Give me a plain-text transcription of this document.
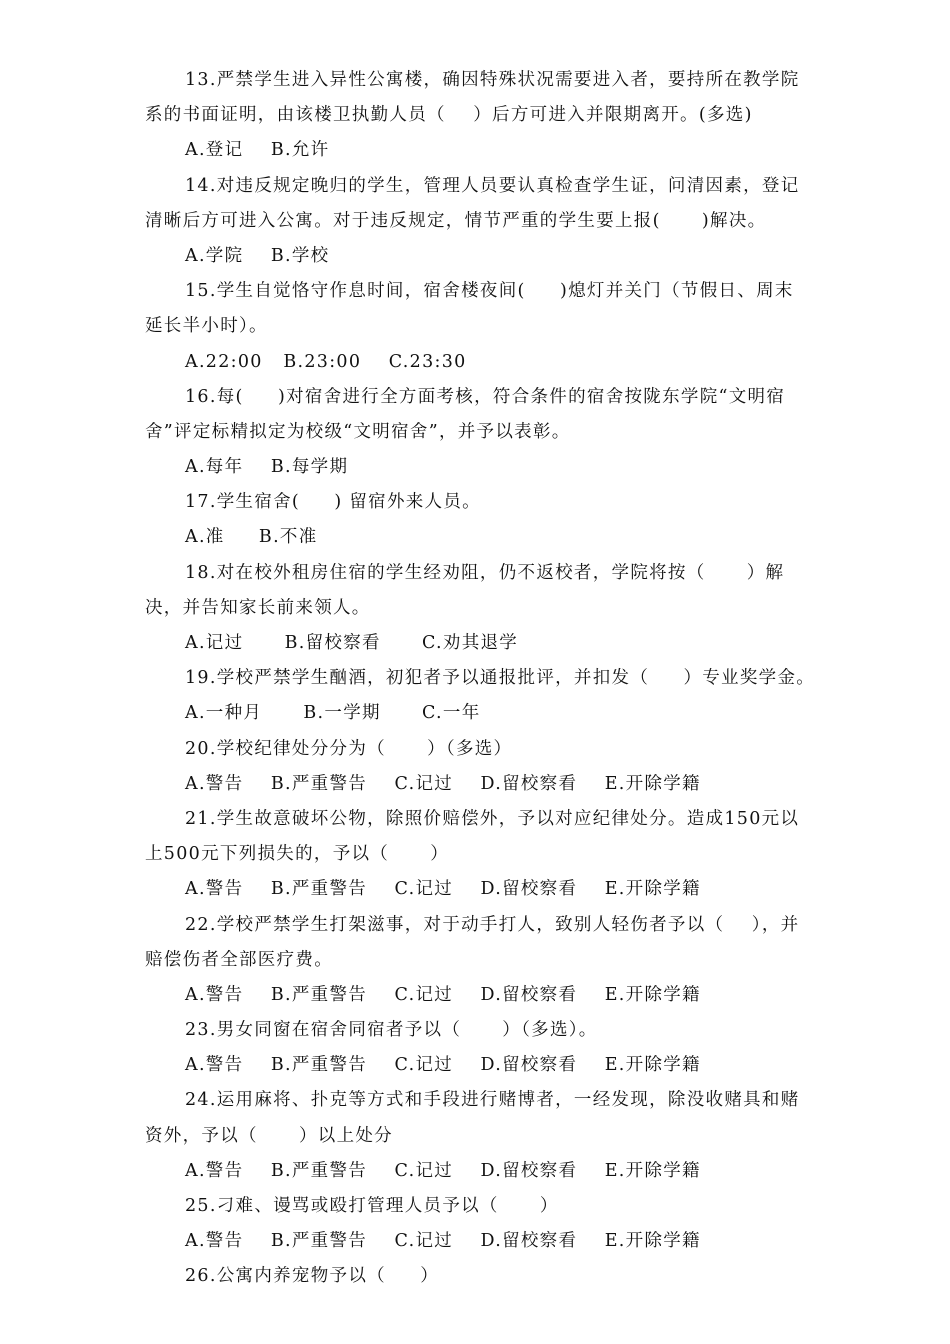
13.严禁学生进入异性公寓楼，确因特殊状况需要进入者，要持所在教学院
系的书面证明，由该楼卫执勤人员（    ）后方可进入并限期离开。(多选)
A.登记    B.允许
14.对违反规定晚归的学生，管理人员要认真检查学生证，问清因素，登记
清晰后方可进入公寓。对于违反规定，情节严重的学生要上报(      )解决。
A.学院    B.学校
15.学生自觉恪守作息时间，宿舍楼夜间(     )熄灯并关门（节假日、周末
延长半小时）。
A.22:00   B.23:00    C.23:30
16.每(     )对宿舍进行全方面考核，符合条件的宿舍按陇东学院“文明宿
舍”评定标精拟定为校级“文明宿舍”，并予以表彰。
A.每年    B.每学期
17.学生宿舍(     ) 留宿外来人员。
A.准     B.不准
18.对在校外租房住宿的学生经劝阻，仍不返校者，学院将按（      ）解
决，并告知家长前来领人。
A.记过      B.留校察看      C.劝其退学
19.学校严禁学生酗酒，初犯者予以通报批评，并扣发（     ）专业奖学金。
A.一种月      B.一学期      C.一年
20.学校纪律处分分为（      ）（多选）
A.警告    B.严重警告    C.记过    D.留校察看    E.开除学籍
21.学生故意破坏公物，除照价赔偿外，予以对应纪律处分。造成150元以
上500元下列损失的，予以（      ）
A.警告    B.严重警告    C.记过    D.留校察看    E.开除学籍
22.学校严禁学生打架滋事，对于动手打人，致别人轻伤者予以（    ），并
赔偿伤者全部医疗费。
A.警告    B.严重警告    C.记过    D.留校察看    E.开除学籍
23.男女同窗在宿舍同宿者予以（      ）（多选）。
A.警告    B.严重警告    C.记过    D.留校察看    E.开除学籍
24.运用麻将、扑克等方式和手段进行赌博者，一经发现，除没收赌具和赌
资外，予以（      ）以上处分
A.警告    B.严重警告    C.记过    D.留校察看    E.开除学籍
25.刁难、谩骂或殴打管理人员予以（      ）
A.警告    B.严重警告    C.记过    D.留校察看    E.开除学籍
26.公寓内养宠物予以（     ）
